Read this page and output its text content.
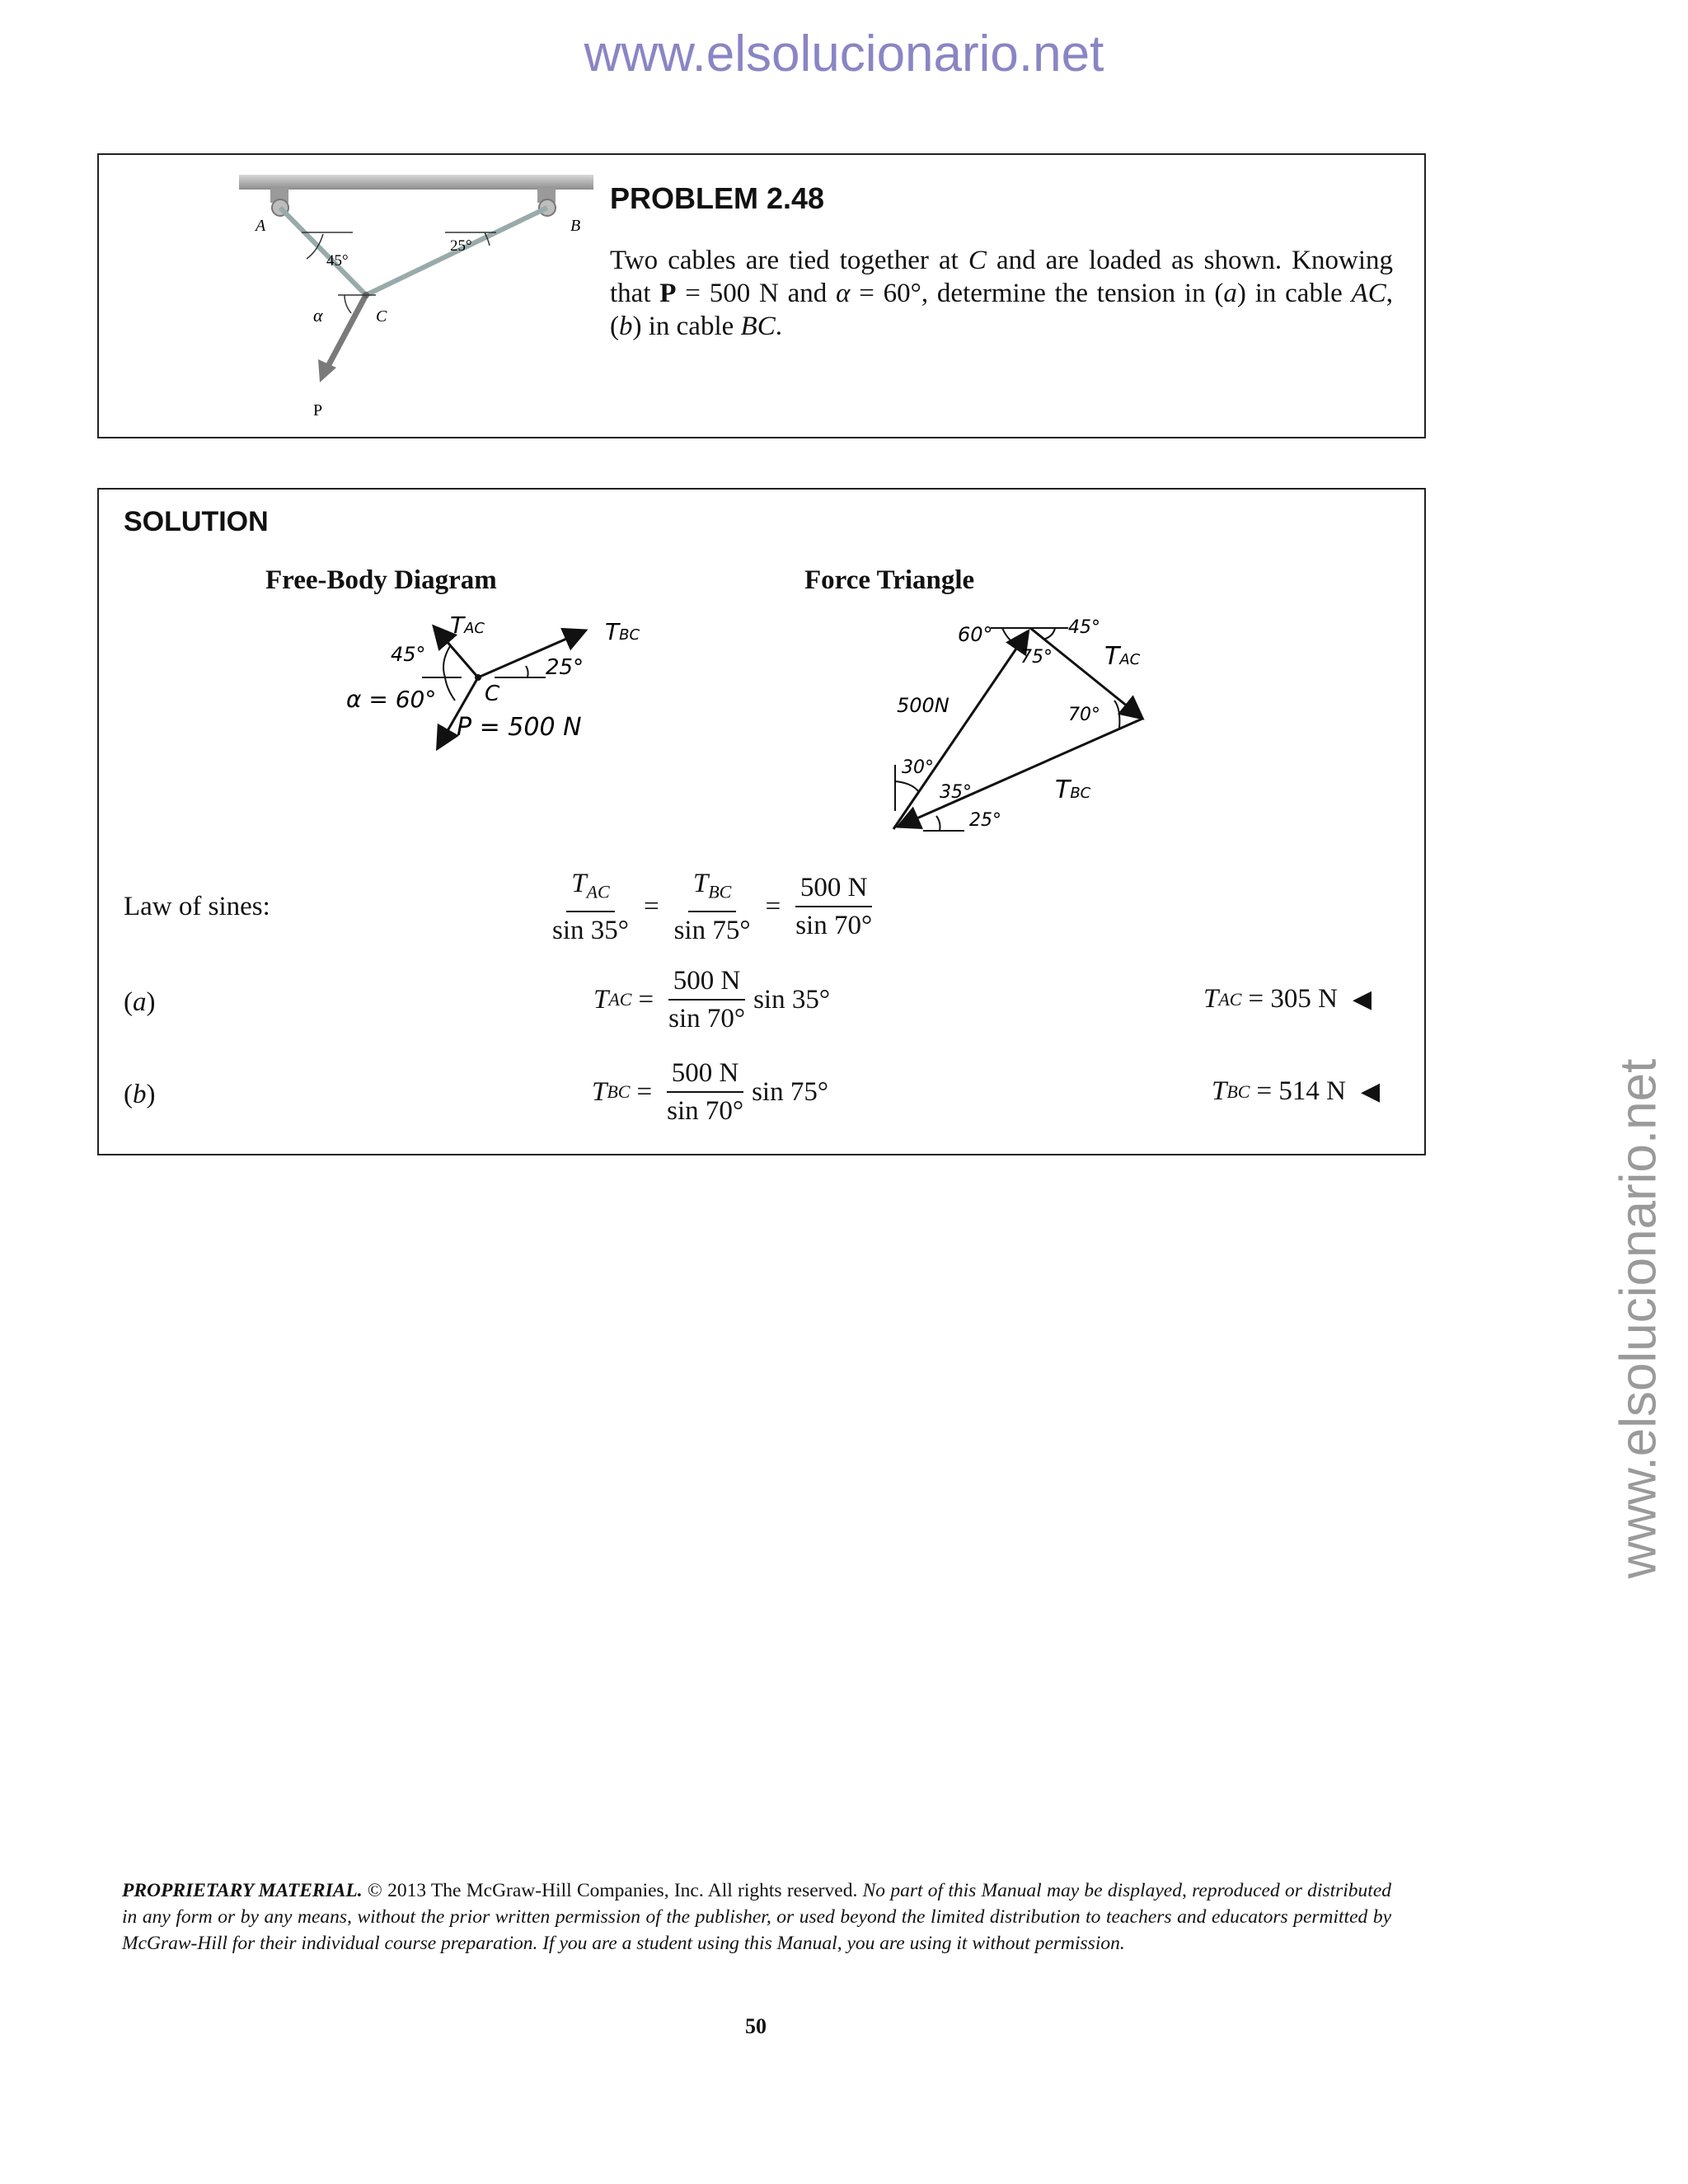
www.elsolucionario.net
www.elsolucionario.net
A	B
C
P
45°
25°
α
PROBLEM 2.48
Two cables are tied together at C and are loaded as shown. Knowing that P = 500 N and α = 60°, determine the tension in (a) in cable AC, (b) in cable BC.
SOLUTION
Free-Body Diagram	Force Triangle
TAC	TBC
45°
25°
α = 60° C
P = 500 N
60°
75°
45°
TAC
500N	70°
30°
35°	TBC
25°
Law of sines:	$\frac{T_{AC}}{\sin 35^\circ} = \frac{T_{BC}}{\sin 75^\circ} = \frac{500 N}{\sin 70^\circ}$
(a)	T AC = $\frac{500 N}{\sin 70^\circ}$ sin 35°	T AC = 305 N ◀
(b)	T BC = $\frac{500 N}{\sin 70^\circ}$ sin 75°	T BC = 514 N ◀
PROPRIETARY MATERIAL. © 2013 The McGraw-Hill Companies, Inc. All rights reserved. No part of this Manual may be displayed, reproduced or distributed in any form or by any means, without the prior written permission of the publisher, or used beyond the limited distribution to teachers and educators permitted by McGraw-Hill for their individual course preparation. If you are a student using this Manual, you are using it without permission.
50
